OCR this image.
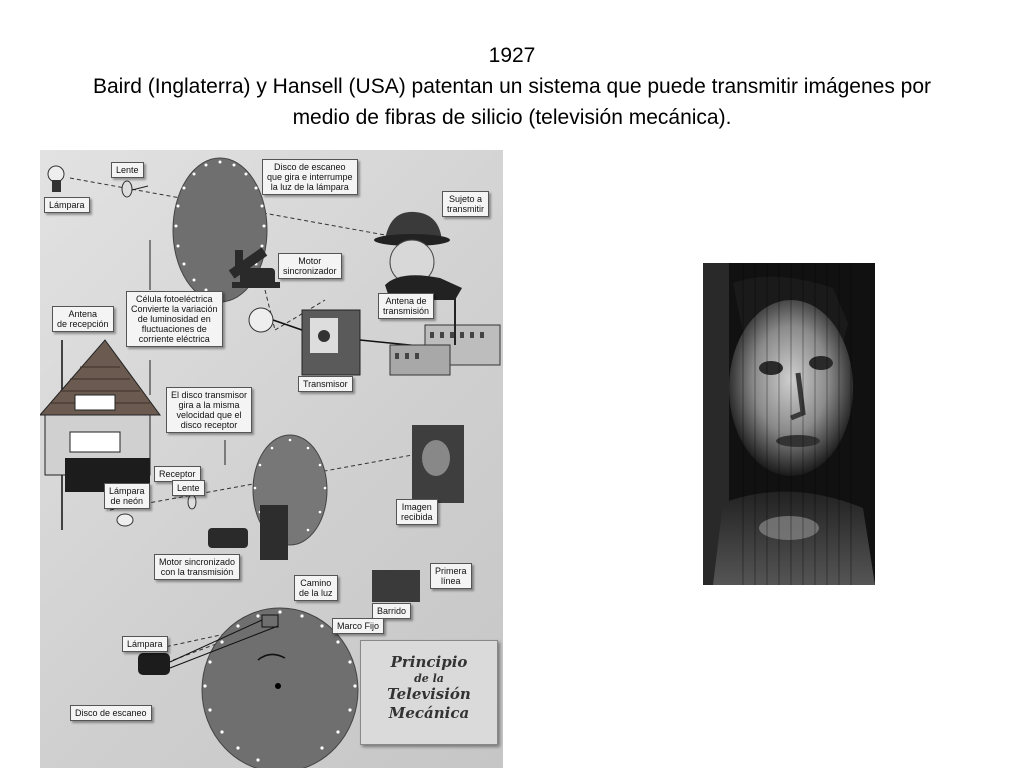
1927
Baird (Inglaterra) y Hansell (USA) patentan un sistema que puede transmitir imágenes por
medio de fibras de silicio (televisión mecánica).
Lente
Lámpara
Disco de escaneo
que gira e interrumpe
la luz de la lámpara
Sujeto a
transmitir
Motor
sincronizador
Célula fotoeléctrica
Convierte la variación
de luminosidad en
fluctuaciones de
corriente eléctrica
Antena
de recepción
Antena de
transmisión
Transmisor
El disco transmisor
gira a la misma
velocidad que el
disco receptor
Receptor
Lámpara
de neón
Lente
Imagen
recibida
Motor sincronizado
con la transmisión
Camino
de la luz
Primera
línea
Barrido
Marco Fijo
Lámpara
Disco de escaneo
Principio
de la
Televisión
Mecánica
